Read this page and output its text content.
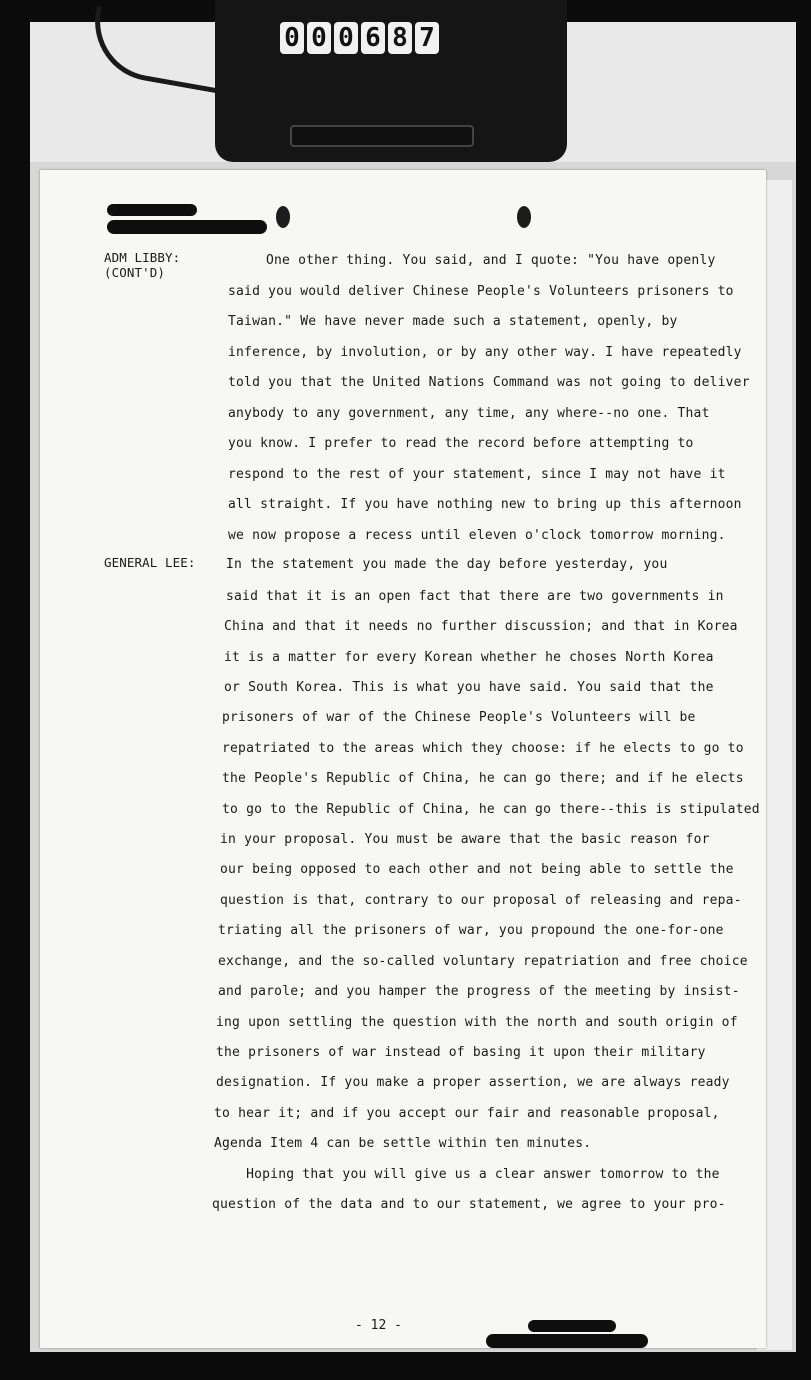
0 0 0 6 8 7
ADM LIBBY:
(CONT'D)
GENERAL LEE:
One other thing. You said, and I quote: "You have openly
said you would deliver Chinese People's Volunteers prisoners to
Taiwan." We have never made such a statement, openly, by
inference, by involution, or by any other way. I have repeatedly
told you that the United Nations Command was not going to deliver
anybody to any government, any time, any where--no one. That
you know. I prefer to read the record before attempting to
respond to the rest of your statement, since I may not have it
all straight. If you have nothing new to bring up this afternoon
we now propose a recess until eleven o'clock tomorrow morning.
In the statement you made the day before yesterday, you
said that it is an open fact that there are two governments in
China and that it needs no further discussion; and that in Korea
it is a matter for every Korean whether he choses North Korea
or South Korea. This is what you have said. You said that the
prisoners of war of the Chinese People's Volunteers will be
repatriated to the areas which they choose: if he elects to go to
the People's Republic of China, he can go there; and if he elects
to go to the Republic of China, he can go there--this is stipulated
in your proposal. You must be aware that the basic reason for
our being opposed to each other and not being able to settle the
question is that, contrary to our proposal of releasing and repa-
triating all the prisoners of war, you propound the one-for-one
exchange, and the so-called voluntary repatriation and free choice
and parole; and you hamper the progress of the meeting by insist-
ing upon settling the question with the north and south origin of
the prisoners of war instead of basing it upon their military
designation. If you make a proper assertion, we are always ready
to hear it; and if you accept our fair and reasonable proposal,
Agenda Item 4 can be settle within ten minutes.
Hoping that you will give us a clear answer tomorrow to the
question of the data and to our statement, we agree to your pro-
- 12 -
